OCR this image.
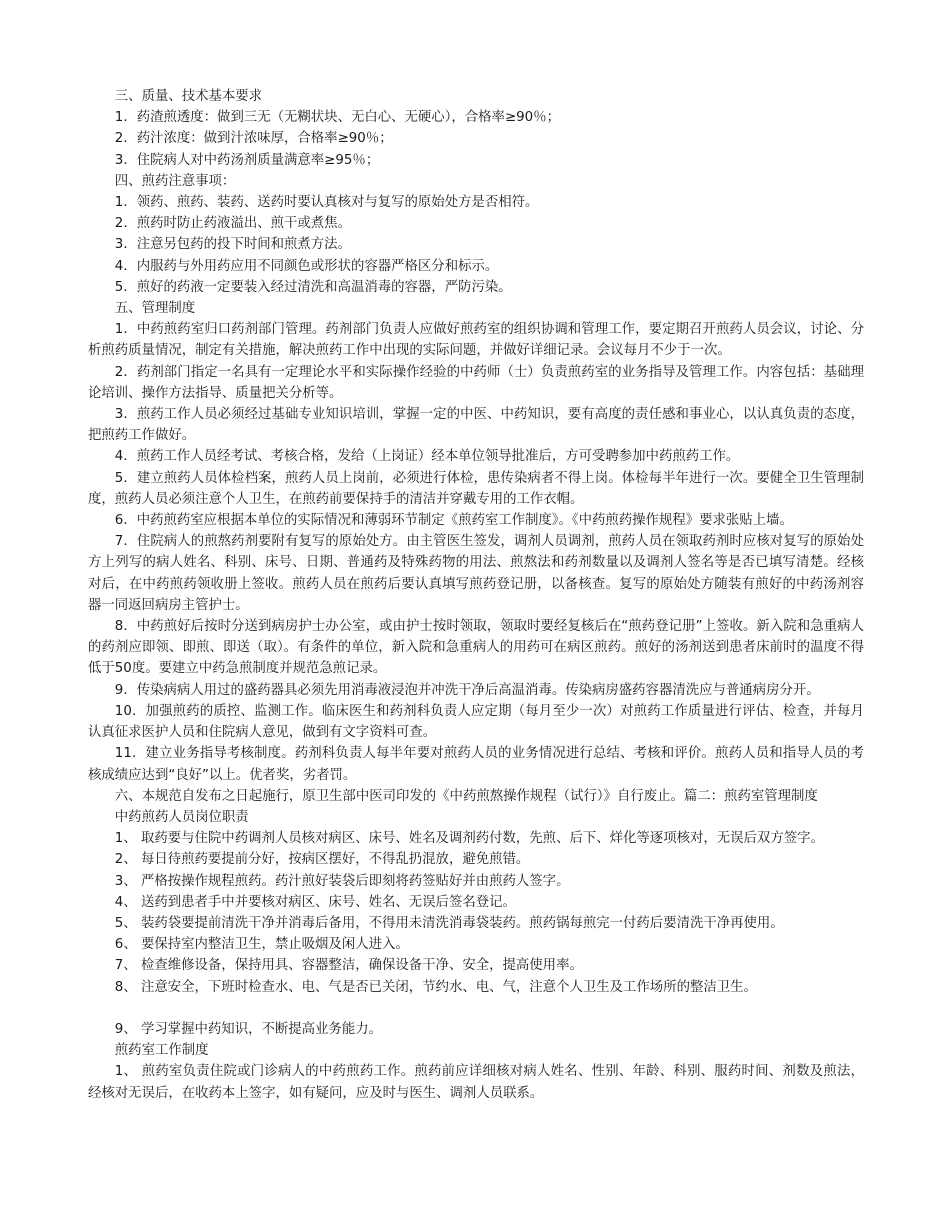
三、质量、技术基本要求

1．药渣煎透度：做到三无（无糊状块、无白心、无硬心），合格率≥90％；

2．药汁浓度：做到汁浓味厚，合格率≥90％；

3．住院病人对中药汤剂质量满意率≥95％；

四、煎药注意事项：

1．领药、煎药、装药、送药时要认真核对与复写的原始处方是否相符。

2．煎药时防止药液溢出、煎干或煮焦。

3．注意另包药的投下时间和煎煮方法。

4．内服药与外用药应用不同颜色或形状的容器严格区分和标示。

5．煎好的药液一定要装入经过清洗和高温消毒的容器，严防污染。

五、管理制度

1．中药煎药室归口药剂部门管理。药剂部门负责人应做好煎药室的组织协调和管理工作，要定期召开煎药人员会议，讨论、分析煎药质量情况，制定有关措施，解决煎药工作中出现的实际问题，并做好详细记录。会议每月不少于一次。

2．药剂部门指定一名具有一定理论水平和实际操作经验的中药师（士）负责煎药室的业务指导及管理工作。内容包括：基础理论培训、操作方法指导、质量把关分析等。

3．煎药工作人员必须经过基础专业知识培训，掌握一定的中医、中药知识，要有高度的责任感和事业心，以认真负责的态度，把煎药工作做好。

4．煎药工作人员经考试、考核合格，发给（上岗证）经本单位领导批准后，方可受聘参加中药煎药工作。

5．建立煎药人员体检档案，煎药人员上岗前，必须进行体检，患传染病者不得上岗。体检每半年进行一次。要健全卫生管理制度，煎药人员必须注意个人卫生，在煎药前要保持手的清洁并穿戴专用的工作衣帽。

6．中药煎药室应根据本单位的实际情况和薄弱环节制定《煎药室工作制度》。《中药煎药操作规程》要求张贴上墙。

7．住院病人的煎熬药剂要附有复写的原始处方。由主管医生签发，调剂人员调剂，煎药人员在领取药剂时应核对复写的原始处方上列写的病人姓名、科别、床号、日期、普通药及特殊药物的用法、煎熬法和药剂数量以及调剂人签名等是否已填写清楚。经核对后，在中药煎药领收册上签收。煎药人员在煎药后要认真填写煎药登记册，以备核查。复写的原始处方随装有煎好的中药汤剂容器一同返回病房主管护士。

8．中药煎好后按时分送到病房护士办公室，或由护士按时领取，领取时要经复核后在“煎药登记册”上签收。新入院和急重病人的药剂应即领、即煎、即送（取）。有条件的单位，新入院和急重病人的用药可在病区煎药。煎好的汤剂送到患者床前时的温度不得低于50度。要建立中药急煎制度并规范急煎记录。

9．传染病病人用过的盛药器具必须先用消毒液浸泡并冲洗干净后高温消毒。传染病房盛药容器清洗应与普通病房分开。

10．加强煎药的质控、监测工作。临床医生和药剂科负责人应定期（每月至少一次）对煎药工作质量进行评估、检查，并每月认真征求医护人员和住院病人意见，做到有文字资料可查。

11．建立业务指导考核制度。药剂科负责人每半年要对煎药人员的业务情况进行总结、考核和评价。煎药人员和指导人员的考核成绩应达到“良好”以上。优者奖，劣者罚。

六、本规范自发布之日起施行，原卫生部中医司印发的《中药煎熬操作规程（试行）》自行废止。篇二：煎药室管理制度

中药煎药人员岗位职责

1、 取药要与住院中药调剂人员核对病区、床号、姓名及调剂药付数，先煎、后下、烊化等逐项核对，无误后双方签字。

2、 每日待煎药要提前分好，按病区摆好，不得乱扔混放，避免煎错。

3、 严格按操作规程煎药。药汁煎好装袋后即刻将药签贴好并由煎药人签字。

4、 送药到患者手中并要核对病区、床号、姓名、无误后签名登记。

5、 装药袋要提前清洗干净并消毒后备用，不得用未清洗消毒袋装药。煎药锅每煎完一付药后要清洗干净再使用。

6、 要保持室内整洁卫生，禁止吸烟及闲人进入。

7、 检查维修设备，保持用具、容器整洁，确保设备干净、安全，提高使用率。

8、 注意安全，下班时检查水、电、气是否已关闭，节约水、电、气，注意个人卫生及工作场所的整洁卫生。

9、 学习掌握中药知识，不断提高业务能力。

煎药室工作制度

1、 煎药室负责住院或门诊病人的中药煎药工作。煎药前应详细核对病人姓名、性别、年龄、科别、服药时间、剂数及煎法，经核对无误后，在收药本上签字，如有疑问，应及时与医生、调剂人员联系。
